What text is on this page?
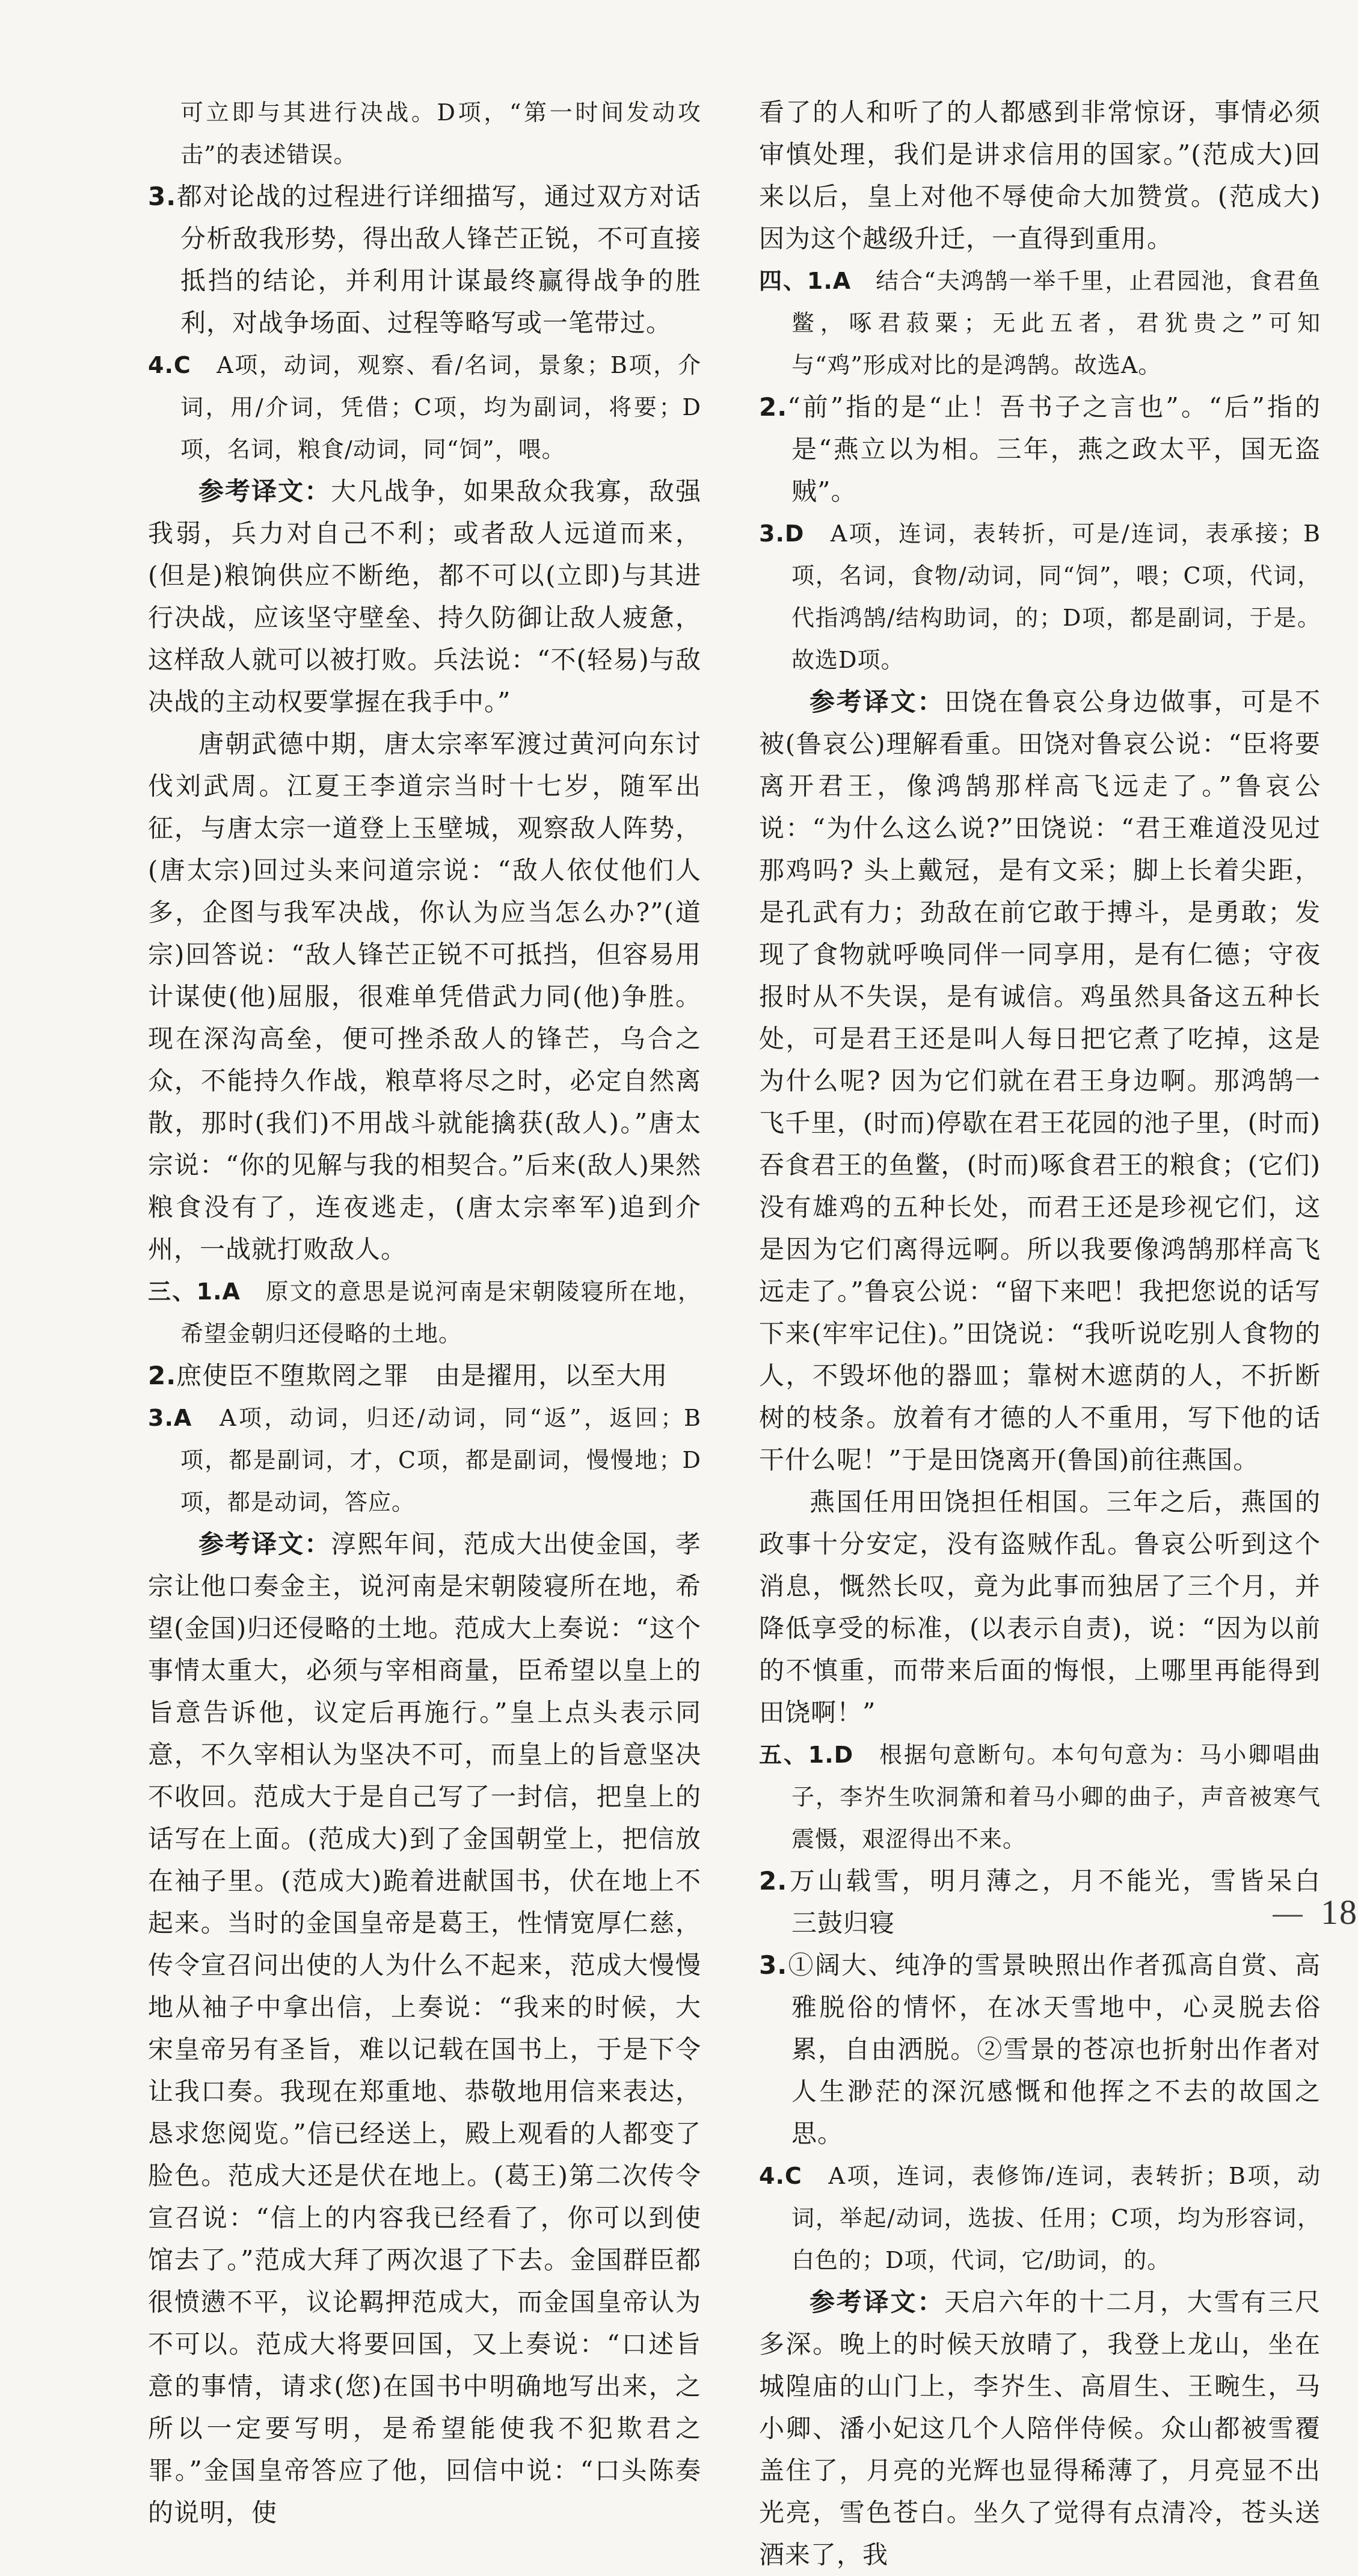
可立即与其进行决战。D项，“第一时间发动攻击”的表述错误。

3.都对论战的过程进行详细描写，通过双方对话分析敌我形势，得出敌人锋芒正锐，不可直接抵挡的结论，并利用计谋最终赢得战争的胜利，对战争场面、过程等略写或一笔带过。

4.C　A项，动词，观察、看/名词，景象；B项，介词，用/介词，凭借；C项，均为副词，将要；D项，名词，粮食/动词，同“饲”，喂。

参考译文：大凡战争，如果敌众我寡，敌强我弱，兵力对自己不利；或者敌人远道而来，(但是)粮饷供应不断绝，都不可以(立即)与其进行决战，应该坚守壁垒、持久防御让敌人疲惫，这样敌人就可以被打败。兵法说：“不(轻易)与敌决战的主动权要掌握在我手中。”

唐朝武德中期，唐太宗率军渡过黄河向东讨伐刘武周。江夏王李道宗当时十七岁，随军出征，与唐太宗一道登上玉壁城，观察敌人阵势，(唐太宗)回过头来问道宗说：“敌人依仗他们人多，企图与我军决战，你认为应当怎么办?”(道宗)回答说：“敌人锋芒正锐不可抵挡，但容易用计谋使(他)屈服，很难单凭借武力同(他)争胜。现在深沟高垒，便可挫杀敌人的锋芒，乌合之众，不能持久作战，粮草将尽之时，必定自然离散，那时(我们)不用战斗就能擒获(敌人)。”唐太宗说：“你的见解与我的相契合。”后来(敌人)果然粮食没有了，连夜逃走，(唐太宗率军)追到介州，一战就打败敌人。

三、1.A　原文的意思是说河南是宋朝陵寝所在地，希望金朝归还侵略的土地。

2.庶使臣不堕欺罔之罪　由是擢用，以至大用

3.A　A项，动词，归还/动词，同“返”，返回；B项，都是副词，才，C项，都是副词，慢慢地；D项，都是动词，答应。

参考译文：淳熙年间，范成大出使金国，孝宗让他口奏金主，说河南是宋朝陵寝所在地，希望(金国)归还侵略的土地。范成大上奏说：“这个事情太重大，必须与宰相商量，臣希望以皇上的旨意告诉他，议定后再施行。”皇上点头表示同意，不久宰相认为坚决不可，而皇上的旨意坚决不收回。范成大于是自己写了一封信，把皇上的话写在上面。(范成大)到了金国朝堂上，把信放在袖子里。(范成大)跪着进献国书，伏在地上不起来。当时的金国皇帝是葛王，性情宽厚仁慈，传令宣召问出使的人为什么不起来，范成大慢慢地从袖子中拿出信，上奏说：“我来的时候，大宋皇帝另有圣旨，难以记载在国书上，于是下令让我口奏。我现在郑重地、恭敬地用信来表达，恳求您阅览。”信已经送上，殿上观看的人都变了脸色。范成大还是伏在地上。(葛王)第二次传令宣召说：“信上的内容我已经看了，你可以到使馆去了。”范成大拜了两次退了下去。金国群臣都很愤懑不平，议论羁押范成大，而金国皇帝认为不可以。范成大将要回国，又上奏说：“口述旨意的事情，请求(您)在国书中明确地写出来，之所以一定要写明，是希望能使我不犯欺君之罪。”金国皇帝答应了他，回信中说：“口头陈奏的说明，使

看了的人和听了的人都感到非常惊讶，事情必须审慎处理，我们是讲求信用的国家。”(范成大)回来以后，皇上对他不辱使命大加赞赏。(范成大)因为这个越级升迁，一直得到重用。

四、1.A　结合“夫鸿鹄一举千里，止君园池，食君鱼鳖，啄君菽粟；无此五者，君犹贵之”可知与“鸡”形成对比的是鸿鹄。故选A。

2.“前”指的是“止！吾书子之言也”。“后”指的是“燕立以为相。三年，燕之政太平，国无盗贼”。

3.D　A项，连词，表转折，可是/连词，表承接；B项，名词，食物/动词，同“饲”，喂；C项，代词，代指鸿鹄/结构助词，的；D项，都是副词，于是。故选D项。

参考译文：田饶在鲁哀公身边做事，可是不被(鲁哀公)理解看重。田饶对鲁哀公说：“臣将要离开君王，像鸿鹄那样高飞远走了。”鲁哀公说：“为什么这么说?”田饶说：“君王难道没见过那鸡吗? 头上戴冠，是有文采；脚上长着尖距，是孔武有力；劲敌在前它敢于搏斗，是勇敢；发现了食物就呼唤同伴一同享用，是有仁德；守夜报时从不失误，是有诚信。鸡虽然具备这五种长处，可是君王还是叫人每日把它煮了吃掉，这是为什么呢? 因为它们就在君王身边啊。那鸿鹄一飞千里，(时而)停歇在君王花园的池子里，(时而)吞食君王的鱼鳖，(时而)啄食君王的粮食；(它们)没有雄鸡的五种长处，而君王还是珍视它们，这是因为它们离得远啊。所以我要像鸿鹄那样高飞远走了。”鲁哀公说：“留下来吧！我把您说的话写下来(牢牢记住)。”田饶说：“我听说吃别人食物的人，不毁坏他的器皿；靠树木遮荫的人，不折断树的枝条。放着有才德的人不重用，写下他的话干什么呢！”于是田饶离开(鲁国)前往燕国。

燕国任用田饶担任相国。三年之后，燕国的政事十分安定，没有盗贼作乱。鲁哀公听到这个消息，慨然长叹，竟为此事而独居了三个月，并降低享受的标准，(以表示自责)，说：“因为以前的不慎重，而带来后面的悔恨，上哪里再能得到田饶啊！”

五、1.D　根据句意断句。本句句意为：马小卿唱曲子，李岕生吹洞箫和着马小卿的曲子，声音被寒气震慑，艰涩得出不来。

2.万山载雪，明月薄之，月不能光，雪皆呆白　三鼓归寝

3.①阔大、纯净的雪景映照出作者孤高自赏、高雅脱俗的情怀，在冰天雪地中，心灵脱去俗累，自由洒脱。②雪景的苍凉也折射出作者对人生渺茫的深沉感慨和他挥之不去的故国之思。

4.C　A项，连词，表修饰/连词，表转折；B项，动词，举起/动词，选拔、任用；C项，均为形容词，白色的；D项，代词，它/助词，的。

参考译文：天启六年的十二月，大雪有三尺多深。晚上的时候天放晴了，我登上龙山，坐在城隍庙的山门上，李岕生、高眉生、王畹生，马小卿、潘小妃这几个人陪伴侍候。众山都被雪覆盖住了，月亮的光辉也显得稀薄了，月亮显不出光亮，雪色苍白。坐久了觉得有点清冷，苍头送酒来了，我

18
